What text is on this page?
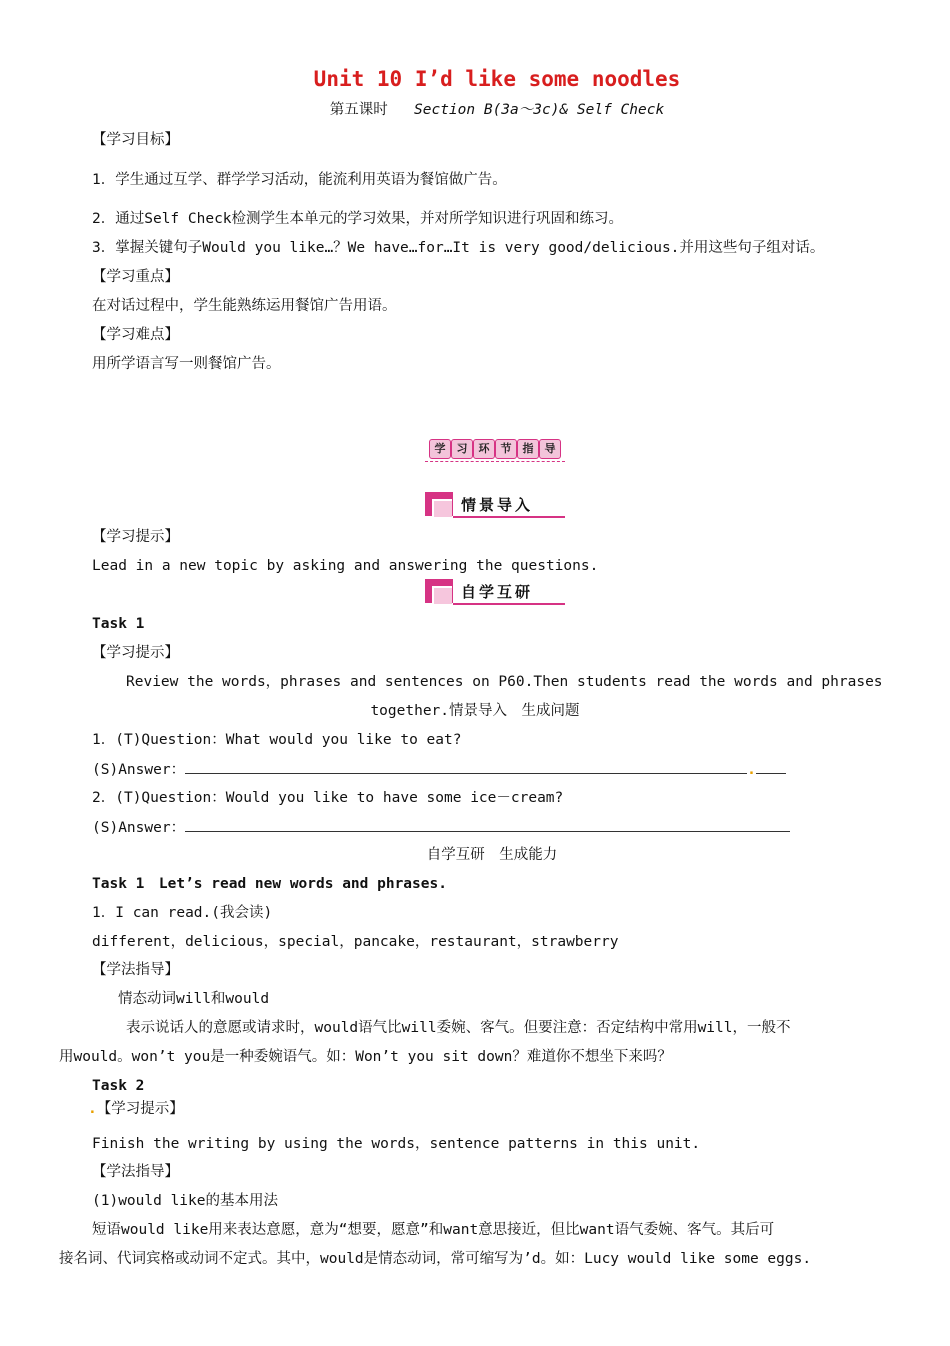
Unit 10 I’d like some noodles
第五课时 Section B(3a～3c)& Self Check
【学习目标】
1．学生通过互学、群学学习活动，能流利用英语为餐馆做广告。
2．通过Self Check检测学生本单元的学习效果，并对所学知识进行巩固和练习。
3．掌握关键句子Would you like…？We have…for…It is very good/delicious.并用这些句子组对话。
【学习重点】
在对话过程中，学生能熟练运用餐馆广告用语。
【学习难点】
用所学语言写一则餐馆广告。
学	习	环	节	指	导
情景导入
【学习提示】
Lead in a new topic by asking and answering the questions.
自学互研
Task 1
【学习提示】
Review the words，phrases and sentences on P60.Then students read the words and phrases
together.情景导入　生成问题
1．(T)Question：What would you like to eat?
(S)Answer：	.
2．(T)Question：Would you like to have some ice－cream?
(S)Answer：
自学互研　生成能力
Task 1　Let’s read new words and phrases.
1．I can read.(我会读)
different，delicious，special，pancake，restaurant，strawberry
【学法指导】
情态动词will和would
表示说话人的意愿或请求时，would语气比will委婉、客气。但要注意：否定结构中常用will，一般不
用would。won’t you是一种委婉语气。如：Won’t you sit down？难道你不想坐下来吗？
Task 2
.【学习提示】
Finish the writing by using the words，sentence patterns in this unit.
【学法指导】
(1)would like的基本用法
短语would like用来表达意愿，意为“想要，愿意”和want意思接近，但比want语气委婉、客气。其后可
接名词、代词宾格或动词不定式。其中，would是情态动词，常可缩写为’d。如：Lucy would like some eggs.
